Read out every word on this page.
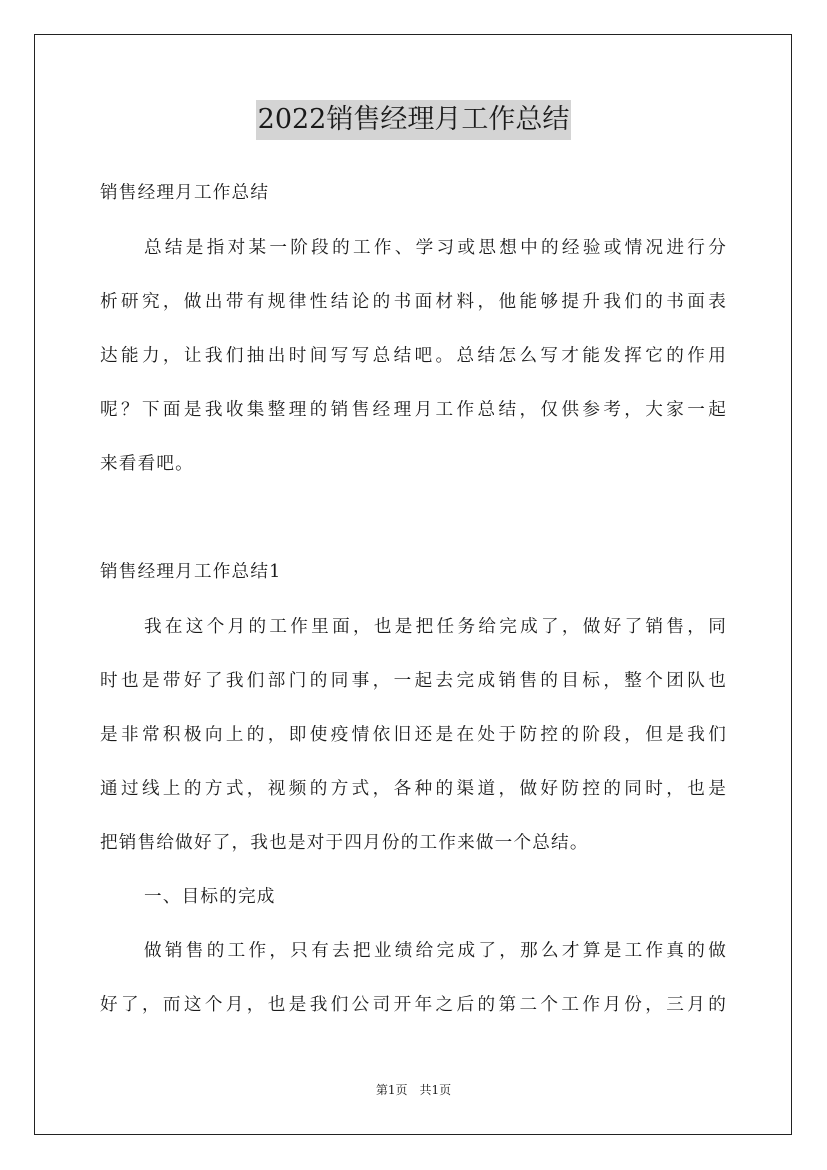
2022销售经理月工作总结
销售经理月工作总结
总结是指对某一阶段的工作、学习或思想中的经验或情况进行分
析研究，做出带有规律性结论的书面材料，他能够提升我们的书面表
达能力，让我们抽出时间写写总结吧。总结怎么写才能发挥它的作用
呢？下面是我收集整理的销售经理月工作总结，仅供参考，大家一起
来看看吧。
销售经理月工作总结1
我在这个月的工作里面，也是把任务给完成了，做好了销售，同
时也是带好了我们部门的同事，一起去完成销售的目标，整个团队也
是非常积极向上的，即使疫情依旧还是在处于防控的阶段，但是我们
通过线上的方式，视频的方式，各种的渠道，做好防控的同时，也是
把销售给做好了，我也是对于四月份的工作来做一个总结。
一、目标的完成
做销售的工作，只有去把业绩给完成了，那么才算是工作真的做
好了，而这个月，也是我们公司开年之后的第二个工作月份，三月的
第1页　共1页
